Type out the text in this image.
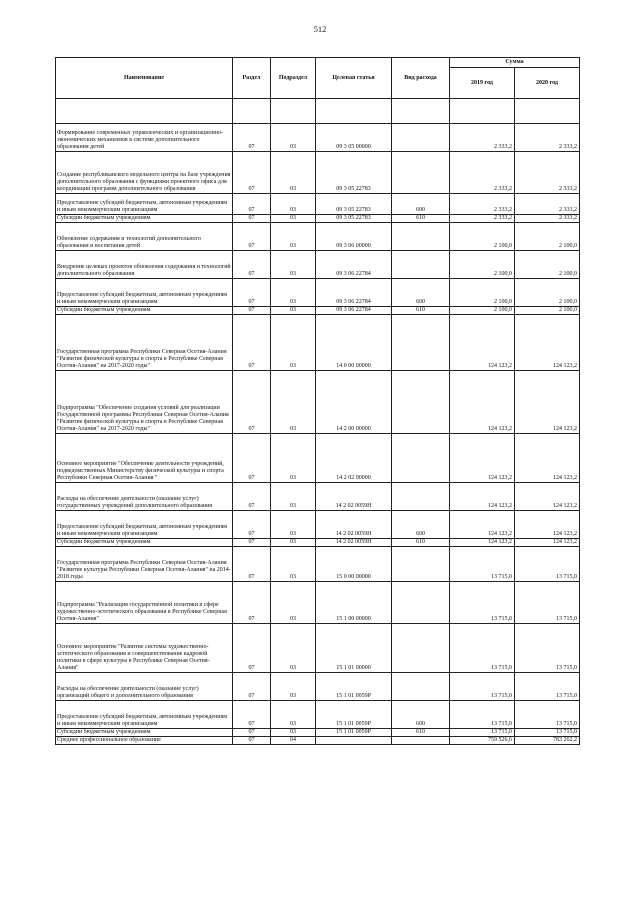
512
Наименование	Раздел	Подраздел	Целевая статья	Вид расхода	Сумма	
					2019 год	2020 год

Формирование современных управленческих и организационно-экономических механизмов в системе дополнительного образования детей	07	03	09 3 05 00000		2 333,2	2 333,2
Создание республиканского модельного центра на базе учреждения дополнительного образования с функциями проектного офиса для координации программ дополнительного образования	07	03	09 3 05 22783		2 333,2	2 333,2
Предоставление субсидий бюджетным, автономным учреждениям и иным некоммерческим организациям	07	03	09 3 05 22783	600	2 333,2	2 333,2
Субсидии бюджетным учреждениям	07	03	09 3 05 22783	610	2 333,2	2 333,2
Обновление содержания и технологий дополнительного образования и воспитания детей	07	03	09 3 06 00000		2 100,0	2 100,0
Внедрение целевых проектов обновления содержания и технологий дополнительного образования	07	03	09 3 06 22784		2 100,0	2 100,0
Предоставление субсидий бюджетным, автономным учреждениям и иным некоммерческим организациям	07	03	09 3 06 22784	600	2 100,0	2 100,0
Субсидии бюджетным учреждениям	07	03	09 3 06 22784	610	2 100,0	2 100,0
Государственная программа Республики Северная Осетия-Алания "Развитие физической культуры и спорта в Республике Северная Осетия-Алания" на 2017-2020 годы"	07	03	14 0 00 00000		124 123,2	124 123,2
Подпрограмма "Обеспечение создания условий для реализации Государственной программы Республики Северная Осетия-Алания "Развитие физической культуры и спорта в Республике Северная Осетия-Алания" на 2017-2020 годы"	07	03	14 2 00 00000		124 123,2	124 123,2
Основное мероприятие "Обеспечение деятельности учреждений, подведомственных Министерству физической культуры и спорта Республики Северная Осетия-Алания "	07	03	14 2 02 00000		124 123,2	124 123,2
Расходы на обеспечение деятельности (оказание услуг) государственных учреждений дополнительного образования	07	03	14 2 02 0059Н		124 123,2	124 123,2
Предоставление субсидий бюджетным, автономным учреждениям и иным некоммерческим организациям	07	03	14 2 02 0059Н	600	124 123,2	124 123,2
Субсидии бюджетным учреждениям	07	03	14 2 02 0059Н	610	124 123,2	124 123,2
Государственная программа Республики Северная Осетия-Алания "Развитие культуры Республики Северная Осетия-Алания" на 2014-2018 годы	07	03	15 0 00 00000		13 715,0	13 715,0
Подпрограмма "Реализация государственной политики в сфере художественно-эстетического образования в Республике Северная Осетия-Алания"	07	03	15 1 00 00000		13 715,0	13 715,0
Основное мероприятие "Развитие системы художественно-эстетического образования и совершенствование кадровой политики в сфере культуры в Республике Северная Осетия-Алания"	07	03	15 1 01 00000		13 715,0	13 715,0
Расходы на обеспечение деятельности (оказание услуг) организаций общего и дополнительного образования	07	03	15 1 01 0059Р		13 715,0	13 715,0
Предоставление субсидий бюджетным, автономным учреждениям и иным некоммерческим организациям	07	03	15 1 01 0059Р	600	13 715,0	13 715,0
Субсидии бюджетным учреждениям	07	03	15 1 01 0059Р	610	13 715,0	13 715,0
Среднее профессиональное образование	07	04			759 526,6	783 262,2
